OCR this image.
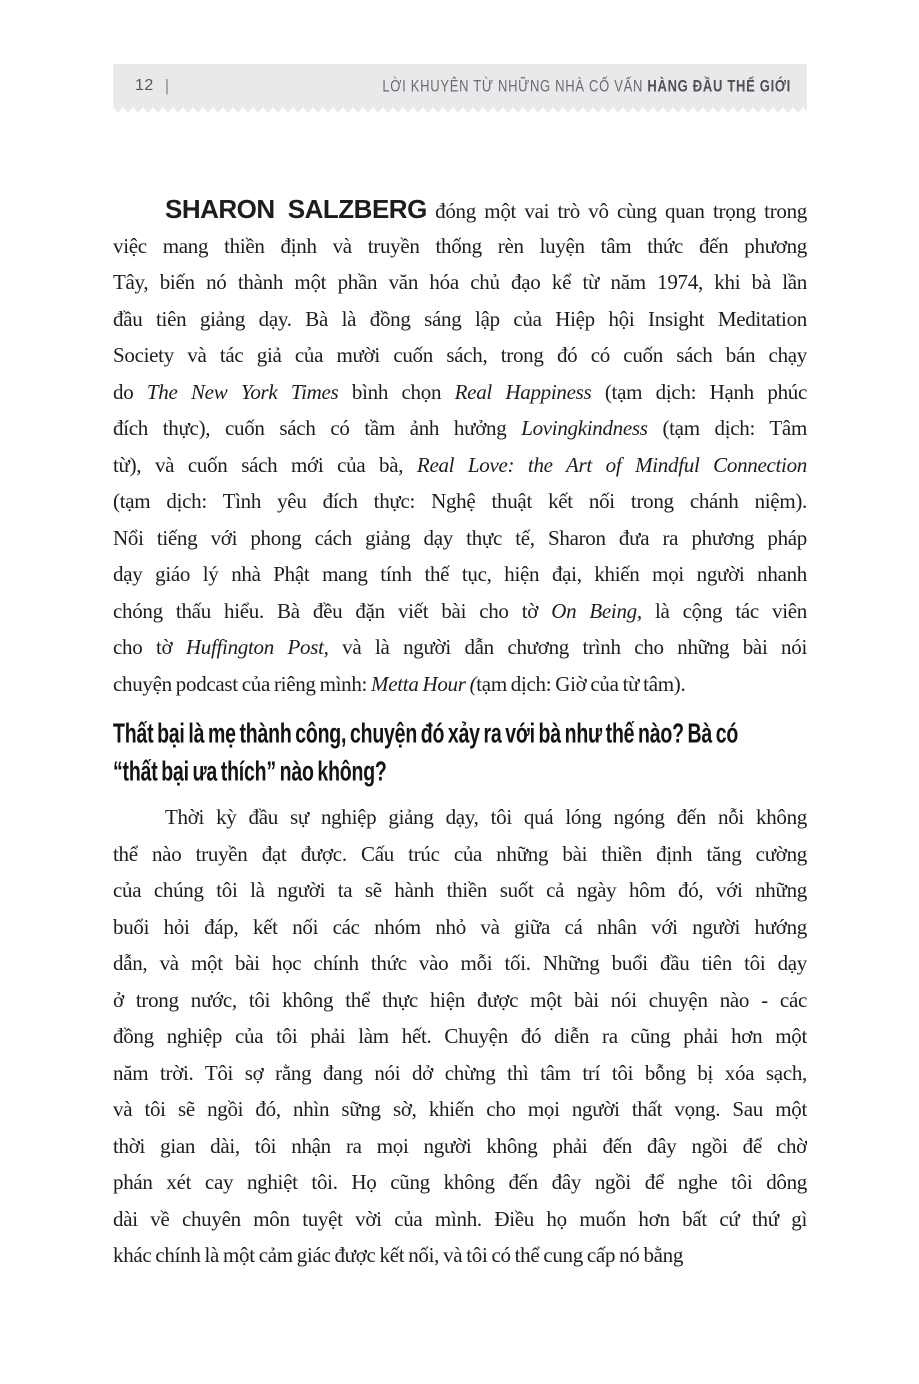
12 |	LỜI KHUYÊN TỪ NHỮNG NHÀ CỐ VẤN HÀNG ĐẦU THẾ GIỚI
SHARON SALZBERG đóng một vai trò vô cùng quan trọng trong
việc mang thiền định và truyền thống rèn luyện tâm thức đến phương
Tây, biến nó thành một phần văn hóa chủ đạo kể từ năm 1974, khi bà lần
đầu tiên giảng dạy. Bà là đồng sáng lập của Hiệp hội Insight Meditation
Society và tác giả của mười cuốn sách, trong đó có cuốn sách bán chạy
do The New York Times bình chọn Real Happiness (tạm dịch: Hạnh phúc
đích thực), cuốn sách có tầm ảnh hưởng Lovingkindness (tạm dịch: Tâm
từ), và cuốn sách mới của bà, Real Love: the Art of Mindful Connection
(tạm dịch: Tình yêu đích thực: Nghệ thuật kết nối trong chánh niệm).
Nổi tiếng với phong cách giảng dạy thực tế, Sharon đưa ra phương pháp
dạy giáo lý nhà Phật mang tính thế tục, hiện đại, khiến mọi người nhanh
chóng thấu hiểu. Bà đều đặn viết bài cho tờ On Being, là cộng tác viên
cho tờ Huffington Post, và là người dẫn chương trình cho những bài nói
chuyện podcast của riêng mình: Metta Hour (tạm dịch: Giờ của từ tâm).
Thất bại là mẹ thành công, chuyện đó xảy ra với bà như thế nào? Bà có
“thất bại ưa thích” nào không?
Thời kỳ đầu sự nghiệp giảng dạy, tôi quá lóng ngóng đến nỗi không
thể nào truyền đạt được. Cấu trúc của những bài thiền định tăng cường
của chúng tôi là người ta sẽ hành thiền suốt cả ngày hôm đó, với những
buổi hỏi đáp, kết nối các nhóm nhỏ và giữa cá nhân với người hướng
dẫn, và một bài học chính thức vào mỗi tối. Những buổi đầu tiên tôi dạy
ở trong nước, tôi không thể thực hiện được một bài nói chuyện nào - các
đồng nghiệp của tôi phải làm hết. Chuyện đó diễn ra cũng phải hơn một
năm trời. Tôi sợ rằng đang nói dở chừng thì tâm trí tôi bỗng bị xóa sạch,
và tôi sẽ ngồi đó, nhìn sững sờ, khiến cho mọi người thất vọng. Sau một
thời gian dài, tôi nhận ra mọi người không phải đến đây ngồi để chờ
phán xét cay nghiệt tôi. Họ cũng không đến đây ngồi để nghe tôi dông
dài về chuyên môn tuyệt vời của mình. Điều họ muốn hơn bất cứ thứ gì
khác chính là một cảm giác được kết nối, và tôi có thể cung cấp nó bằng
